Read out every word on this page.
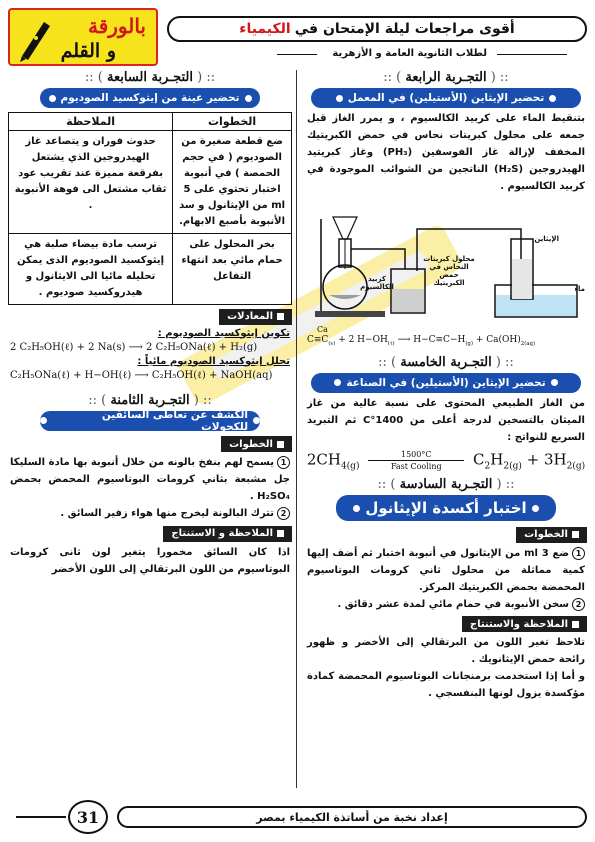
بالورقة
و القلم
أقوى مراجعات ليلة الإمتحان في
الكيمياء
لطلاب الثانوية العامة و الأزهرية
:: ( التجـربة الرابعة ) ::
تحضير الإيثاين (الأستيلين) في المعمل
بتنقيط الماء على كربيد الكالسيوم ، و يمرر الغاز قبل جمعه على محلول كبريتات نحاس في حمض الكبريتيك المخفف لإزالة غاز الفوسفين (PH₃) وغاز كبريتيد الهيدروجين (H₂S) الناتجين من الشوائب الموجودة في كربيد الكالسيوم .
الإيثاين
محلول كبريتات النحاس في حمض الكبريتيك
كربيد الكالسيوم	ماء
Ca
$C\equiv C_{(s)} + 2$ $H-OH_{(\ell)}$ ⟶ $H-C\equiv C-H_{(g)} + Ca(OH)_{2(aq)}$
:: ( التجـربة الخامسة ) ::
تحضير الإيثاين (الأستيلين) في الصناعة
من الغاز الطبيعي المحتوى على نسبة عالية من غاز الميثان بالتسخين لدرجة أعلى من 1400°C ثم التبريد السريع للنواتج :
$2CH_{4(g)}$
1500°C
Fast Cooling	$C_2H_{2(g)} + 3H_{2(g)}$
:: ( التجـربة السادسة ) ::
اختبار أكسدة الإيثانول
الخطوات
1ضع 3 ml من الإيثانول في أنبوبة اختبار ثم أضف إليها كمية مماثلة من محلول ثاني كرومات البوتاسيوم المحمضة بحمض الكبريتيك المركز.
2سخن الأنبوبة في حمام مائي لمدة عشر دقائق .
الملاحظة والاستنتاج
تلاحظ تغير اللون من البرتقالي إلى الأخضر و ظهور رائحة حمض الإيثانويك .
و أما إذا استخدمت برمنجانات البوتاسيوم المحمضة كمادة مؤكسدة يزول لونها البنفسجي .
:: ( التجـربة السابعة ) ::
تحضير عينة من إيثوكسيد الصوديوم
الخطوات	الملاحظة
ضع قطعة صغيرة من الصوديوم ( في حجم الحمصة ) في أنبوبة اختبار تحتوي على 5 ml من الإيثانول و سد الأنبوبة بأصبع الابهام.	حدوث فوران و يتصاعد غاز الهيدروجين الذي يشتعل بفرقعة مميزة عند تقريب عود ثقاب مشتعل الى فوهة الأنبوبة .
بخر المحلول على حمام مائي بعد انتهاء التفاعل	ترسب مادة بيضاء صلبة هي إيثوكسيد الصوديوم الذى يمكن تحليله مائيا الى الايثانول و هيدروكسيد صوديوم .
المعادلات
تكوين إيثوكسيد الصوديوم :
2 C₂H₅OH(ℓ) + 2 Na(s) ⟶ 2 C₂H₅ONa(ℓ) + H₂(g)
تحلل إيثوكسيد الصوديوم مائياً :
C₂H₅ONa(ℓ) + H−OH(ℓ) ⟶ C₂H₅OH(ℓ) + NaOH(aq)
:: ( التجـربة الثامنة ) ::
الكشف عن تعاطى السائقين للكحولات
الخطوات
1يسمح لهم بنفخ بالونه من خلال أنبوبة بها مادة السليكا جل مشبعة بثاني كرومات البوتاسيوم المحمض بحمض H₂SO₄ .
2تترك البالونة ليخرج منها هواء زفير السائق .
الملاحظة و الاستنتاج
اذا كان السائق مخمورا يتغير لون ثانى كرومات البوتاسيوم من اللون البرتقالي إلى اللون الأخضر
31	إعداد نخبة من أساتذة الكيمياء بمصر
